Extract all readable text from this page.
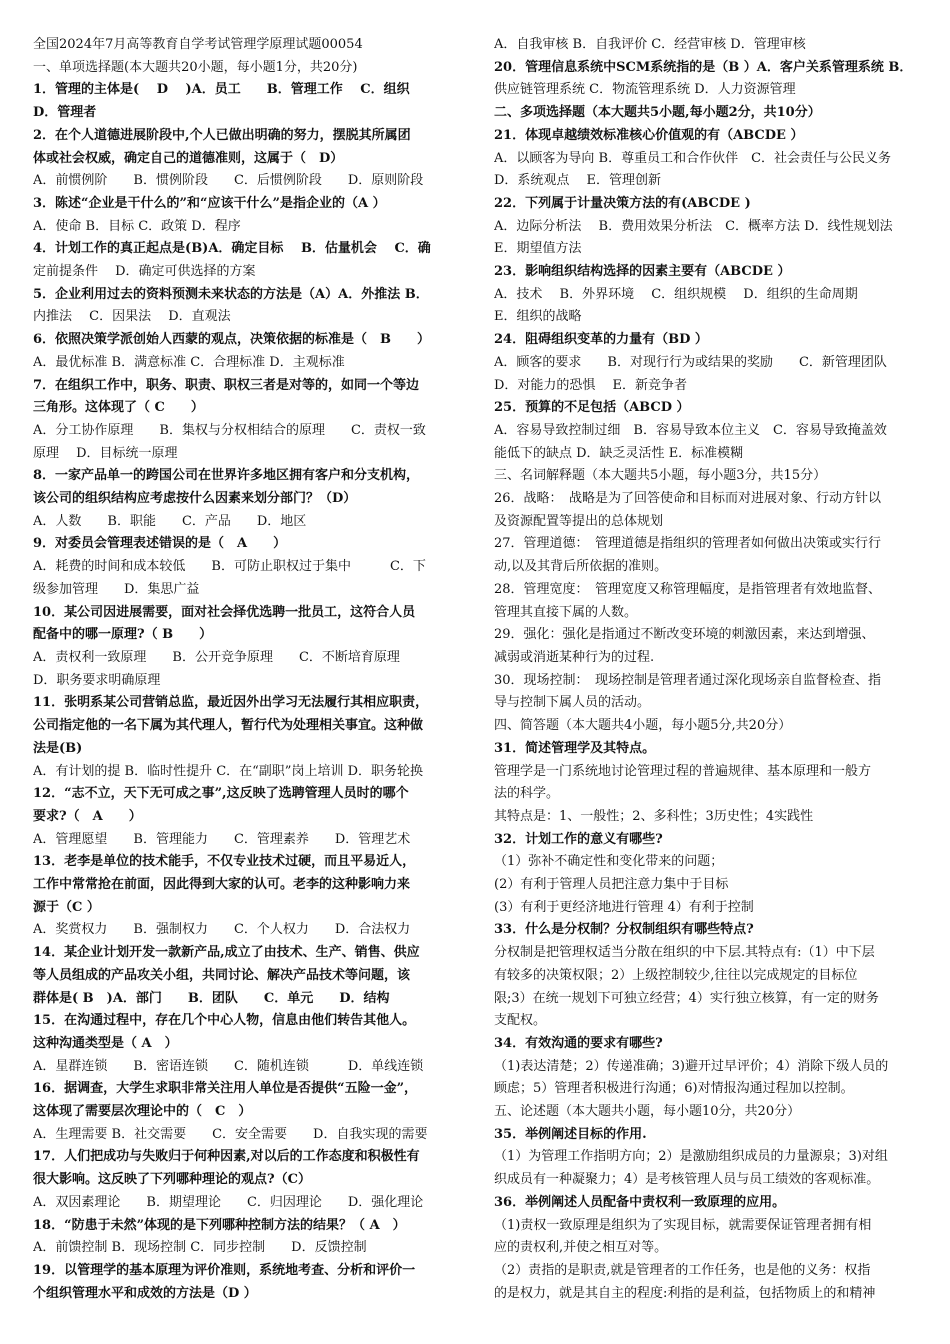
全国2024年7月高等教育自学考试管理学原理试题00054
一、单项选择题(本大题共20小题，每小题1分，共20分)
1．管理的主体是(　 D　 )A．员工　　B．管理工作　 C．组织
D．管理者
2．在个人道德进展阶段中,个人已做出明确的努力，摆脱其所属团
体或社会权威，确定自己的道德准则，这属于（　D）
A．前惯例阶　　B．惯例阶段　　C．后惯例阶段　　D．原则阶段
3．陈述“企业是干什么的”和“应该干什么”是指企业的（A ）
A．使命 B．目标 C．政策 D．程序
4．计划工作的真正起点是(B)A．确定目标　 B．估量机会　 C．确
定前提条件　 D．确定可供选择的方案
5．企业利用过去的资料预测未来状态的方法是（A）A．外推法 B．
内推法　 C．因果法　 D．直观法
6．依照决策学派创始人西蒙的观点，决策依据的标准是（　B　　）
A．最优标准 B．满意标准 C．合理标准 D．主观标准
7．在组织工作中，职务、职责、职权三者是对等的，如同一个等边
三角形。这体现了（ C　　）
A．分工协作原理　　B．集权与分权相结合的原理　　C．责权一致
原理　 D．目标统一原理
8．一家产品单一的跨国公司在世界许多地区拥有客户和分支机构，
该公司的组织结构应考虑按什么因素来划分部门？（D）
A．人数　　B．职能　　C．产品　　D．地区
9．对委员会管理表述错误的是（　A　　）
A．耗费的时间和成本较低　　B．可防止职权过于集中　　　C．下
级参加管理　　D．集思广益
10．某公司因进展需要，面对社会择优选聘一批员工，这符合人员
配备中的哪一原理?（ B　　）
A．责权利一致原理　　B．公开竞争原理　　C．不断培育原理
D．职务要求明确原理
11．张明系某公司营销总监，最近因外出学习无法履行其相应职责，
公司指定他的一名下属为其代理人，暂行代为处理相关事宜。这种做
法是(B)
A．有计划的提 B．临时性提升 C．在“副职”岗上培训 D．职务轮换
12．“志不立，天下无可成之事”,这反映了选聘管理人员时的哪个
要求?（　A　　）
A．管理愿望　　B．管理能力　　C．管理素养　　D．管理艺术
13．老李是单位的技术能手，不仅专业技术过硬，而且平易近人，
工作中常常抢在前面，因此得到大家的认可。老李的这种影响力来
源于（C ）
A．奖赏权力　　B．强制权力　　C．个人权力　　D．合法权力
14．某企业计划开发一款新产品,成立了由技术、生产、销售、供应
等人员组成的产品攻关小组，共同讨论、解决产品技术等问题，该
群体是( B　)A．部门　　B．团队　　C．单元　　D．结构
15．在沟通过程中，存在几个中心人物，信息由他们转告其他人。
这种沟通类型是（ A　）
A．星群连锁　　B．密语连锁　　C．随机连锁　　　D．单线连锁
16．据调查，大学生求职非常关注用人单位是否提供“五险一金”，
这体现了需要层次理论中的（　C　）
A．生理需要 B．社交需要　　C．安全需要　　D．自我实现的需要
17．人们把成功与失败归于何种因素,对以后的工作态度和积极性有
很大影响。这反映了下列哪种理论的观点?（C）
A．双因素理论　　B．期望理论　　C．归因理论　　D．强化理论
18．“防患于未然”体现的是下列哪种控制方法的结果？（ A　）
A．前馈控制 B．现场控制 C．同步控制　　D．反馈控制
19．以管理学的基本原理为评价准则，系统地考查、分析和评价一
个组织管理水平和成效的方法是（D ）
A．自我审核 B．自我评价 C．经营审核 D．管理审核
20．管理信息系统中SCM系统指的是（B ）A．客户关系管理系统 B．
供应链管理系统 C．物流管理系统 D．人力资源管理
二、多项选择题（本大题共5小题,每小题2分，共10分）
21．体现卓越绩效标准核心价值观的有（ABCDE ）
A．以顾客为导向 B．尊重员工和合作伙伴　C．社会责任与公民义务
D．系统观点　 E．管理创新
22．下列属于计量决策方法的有(ABCDE )
A．边际分析法　 B．费用效果分析法　C．概率方法 D．线性规划法
E．期望值方法
23．影响组织结构选择的因素主要有（ABCDE ）
A．技术　 B．外界环境　 C．组织规模　 D．组织的生命周期
E．组织的战略
24．阻碍组织变革的力量有（BD ）
A．顾客的要求　　B．对现行行为或结果的奖励　　C．新管理团队
D．对能力的恐惧　 E．新竞争者
25．预算的不足包括（ABCD ）
A．容易导致控制过细　B．容易导致本位主义　C．容易导致掩盖效
能低下的缺点 D．缺乏灵活性 E．标准模糊
三、名词解释题（本大题共5小题，每小题3分，共15分）
26．战略：　战略是为了回答使命和目标而对进展对象、行动方针以
及资源配置等提出的总体规划
27．管理道德：　管理道德是指组织的管理者如何做出决策或实行行
动,以及其背后所依据的准则。
28．管理宽度：　管理宽度又称管理幅度，是指管理者有效地监督、
管理其直接下属的人数。
29．强化：强化是指通过不断改变环境的刺激因素，来达到增强、
减弱或消逝某种行为的过程.
30．现场控制：　现场控制是管理者通过深化现场亲自监督检查、指
导与控制下属人员的活动。
四、简答题（本大题共4小题，每小题5分,共20分）
31．简述管理学及其特点。
管理学是一门系统地讨论管理过程的普遍规律、基本原理和一般方
法的科学。
其特点是：1、一般性；2、多科性；3历史性；4实践性
32．计划工作的意义有哪些?
（1）弥补不确定性和变化带来的问题；
(2）有利于管理人员把注意力集中于目标
(3）有利于更经济地进行管理 4）有利于控制
33．什么是分权制？分权制组织有哪些特点?
分权制是把管理权适当分散在组织的中下层.其特点有:（1）中下层
有较多的决策权限；2）上级控制较少,往往以完成规定的目标位
限;3）在统一规划下可独立经营；4）实行独立核算，有一定的财务
支配权。
34．有效沟通的要求有哪些?
（1)表达清楚；2）传递准确；3)避开过早评价；4）消除下级人员的
顾虑；5）管理者积极进行沟通；6)对情报沟通过程加以控制。
五、论述题（本大题共小题，每小题10分，共20分）
35．举例阐述目标的作用.
（1）为管理工作指明方向；2）是激励组织成员的力量源泉；3)对组
织成员有一种凝聚力；4）是考核管理人员与员工绩效的客观标准。
36．举例阐述人员配备中责权利一致原理的应用。
（1)责权一致原理是组织为了实现目标，就需要保证管理者拥有相
应的责权利,并使之相互对等。
（2）责指的是职责,就是管理者的工作任务，也是他的义务：权指
的是权力，就是其自主的程度:利指的是利益，包括物质上的和精神
